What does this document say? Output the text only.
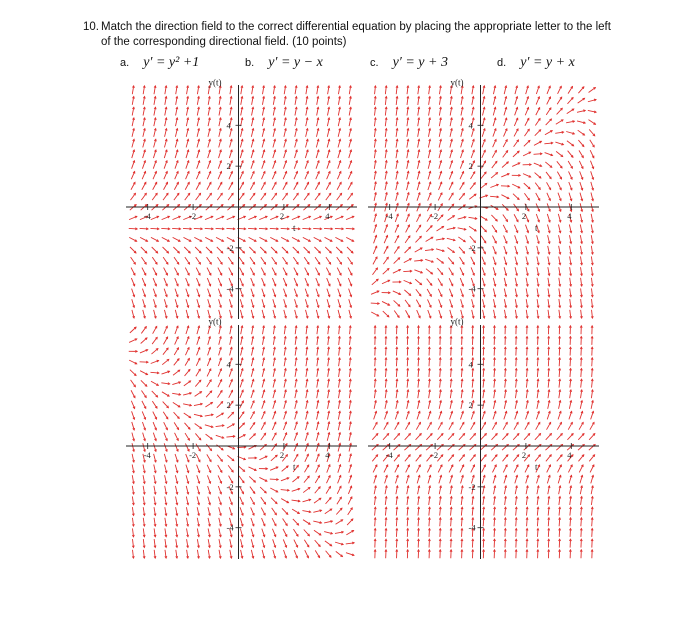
10. Match the direction field to the correct differential equation by placing the appropriate letter to the left
of the corresponding directional field. (10 points)
a. y′ = y² +1	b. y′ = y − x	c. y′ = y + 3	d. y′ = y + x
-4	-2	2	4
4
2
-2
-4
y(t)
t
-4	-2	2	4
4
2
-2
-4
y(t)
t
-4	-2	2	4
4
2
-2
-4
y(t)
t
-4	-2	2	4
4
2
-2
-4
y(t)
t
